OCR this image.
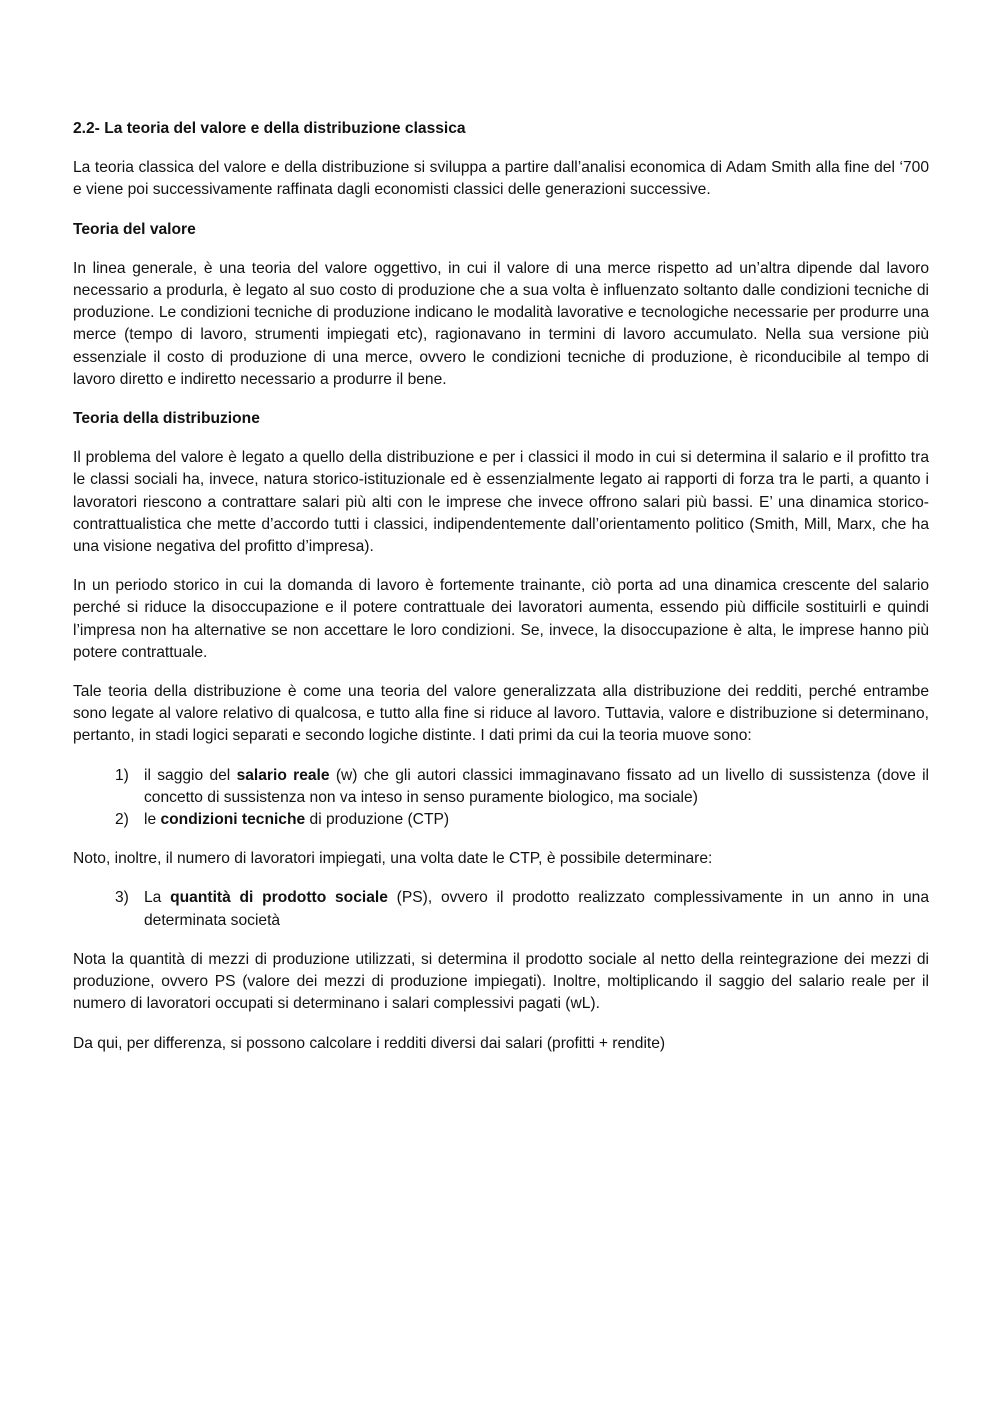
2.2- La teoria del valore e della distribuzione classica

La teoria classica del valore e della distribuzione si sviluppa a partire dall’analisi economica di Adam Smith alla fine del ‘700 e viene poi successivamente raffinata dagli economisti classici delle generazioni successive.

Teoria del valore

In linea generale, è una teoria del valore oggettivo, in cui il valore di una merce rispetto ad un’altra dipende dal lavoro necessario a produrla, è legato al suo costo di produzione che a sua volta è influenzato soltanto dalle condizioni tecniche di produzione. Le condizioni tecniche di produzione indicano le modalità lavorative e tecnologiche necessarie per produrre una merce (tempo di lavoro, strumenti impiegati etc), ragionavano in termini di lavoro accumulato. Nella sua versione più essenziale il costo di produzione di una merce, ovvero le condizioni tecniche di produzione, è riconducibile al tempo di lavoro diretto e indiretto necessario a produrre il bene.

Teoria della distribuzione

Il problema del valore è legato a quello della distribuzione e per i classici il modo in cui si determina il salario e il profitto tra le classi sociali ha, invece, natura storico-istituzionale ed è essenzialmente legato ai rapporti di forza tra le parti, a quanto i lavoratori riescono a contrattare salari più alti con le imprese che invece offrono salari più bassi. E’ una dinamica storico-contrattualistica che mette d’accordo tutti i classici, indipendentemente dall’orientamento politico (Smith, Mill, Marx, che ha una visione negativa del profitto d’impresa).

In un periodo storico in cui la domanda di lavoro è fortemente trainante, ciò porta ad una dinamica crescente del salario perché si riduce la disoccupazione e il potere contrattuale dei lavoratori aumenta, essendo più difficile sostituirli e quindi l’impresa non ha alternative se non accettare le loro condizioni. Se, invece, la disoccupazione è alta, le imprese hanno più potere contrattuale.

Tale teoria della distribuzione è come una teoria del valore generalizzata alla distribuzione dei redditi, perché entrambe sono legate al valore relativo di qualcosa, e tutto alla fine si riduce al lavoro. Tuttavia, valore e distribuzione si determinano, pertanto, in stadi logici separati e secondo logiche distinte. I dati primi da cui la teoria muove sono:

1) il saggio del salario reale (w) che gli autori classici immaginavano fissato ad un livello di sussistenza (dove il concetto di sussistenza non va inteso in senso puramente biologico, ma sociale)
2) le condizioni tecniche di produzione (CTP)

Noto, inoltre, il numero di lavoratori impiegati, una volta date le CTP, è possibile determinare:

3) La quantità di prodotto sociale (PS), ovvero il prodotto realizzato complessivamente in un anno in una determinata società

Nota la quantità di mezzi di produzione utilizzati, si determina il prodotto sociale al netto della reintegrazione dei mezzi di produzione, ovvero PS (valore dei mezzi di produzione impiegati). Inoltre, moltiplicando il saggio del salario reale per il numero di lavoratori occupati si determinano i salari complessivi pagati (wL).

Da qui, per differenza, si possono calcolare i redditi diversi dai salari (profitti + rendite)
